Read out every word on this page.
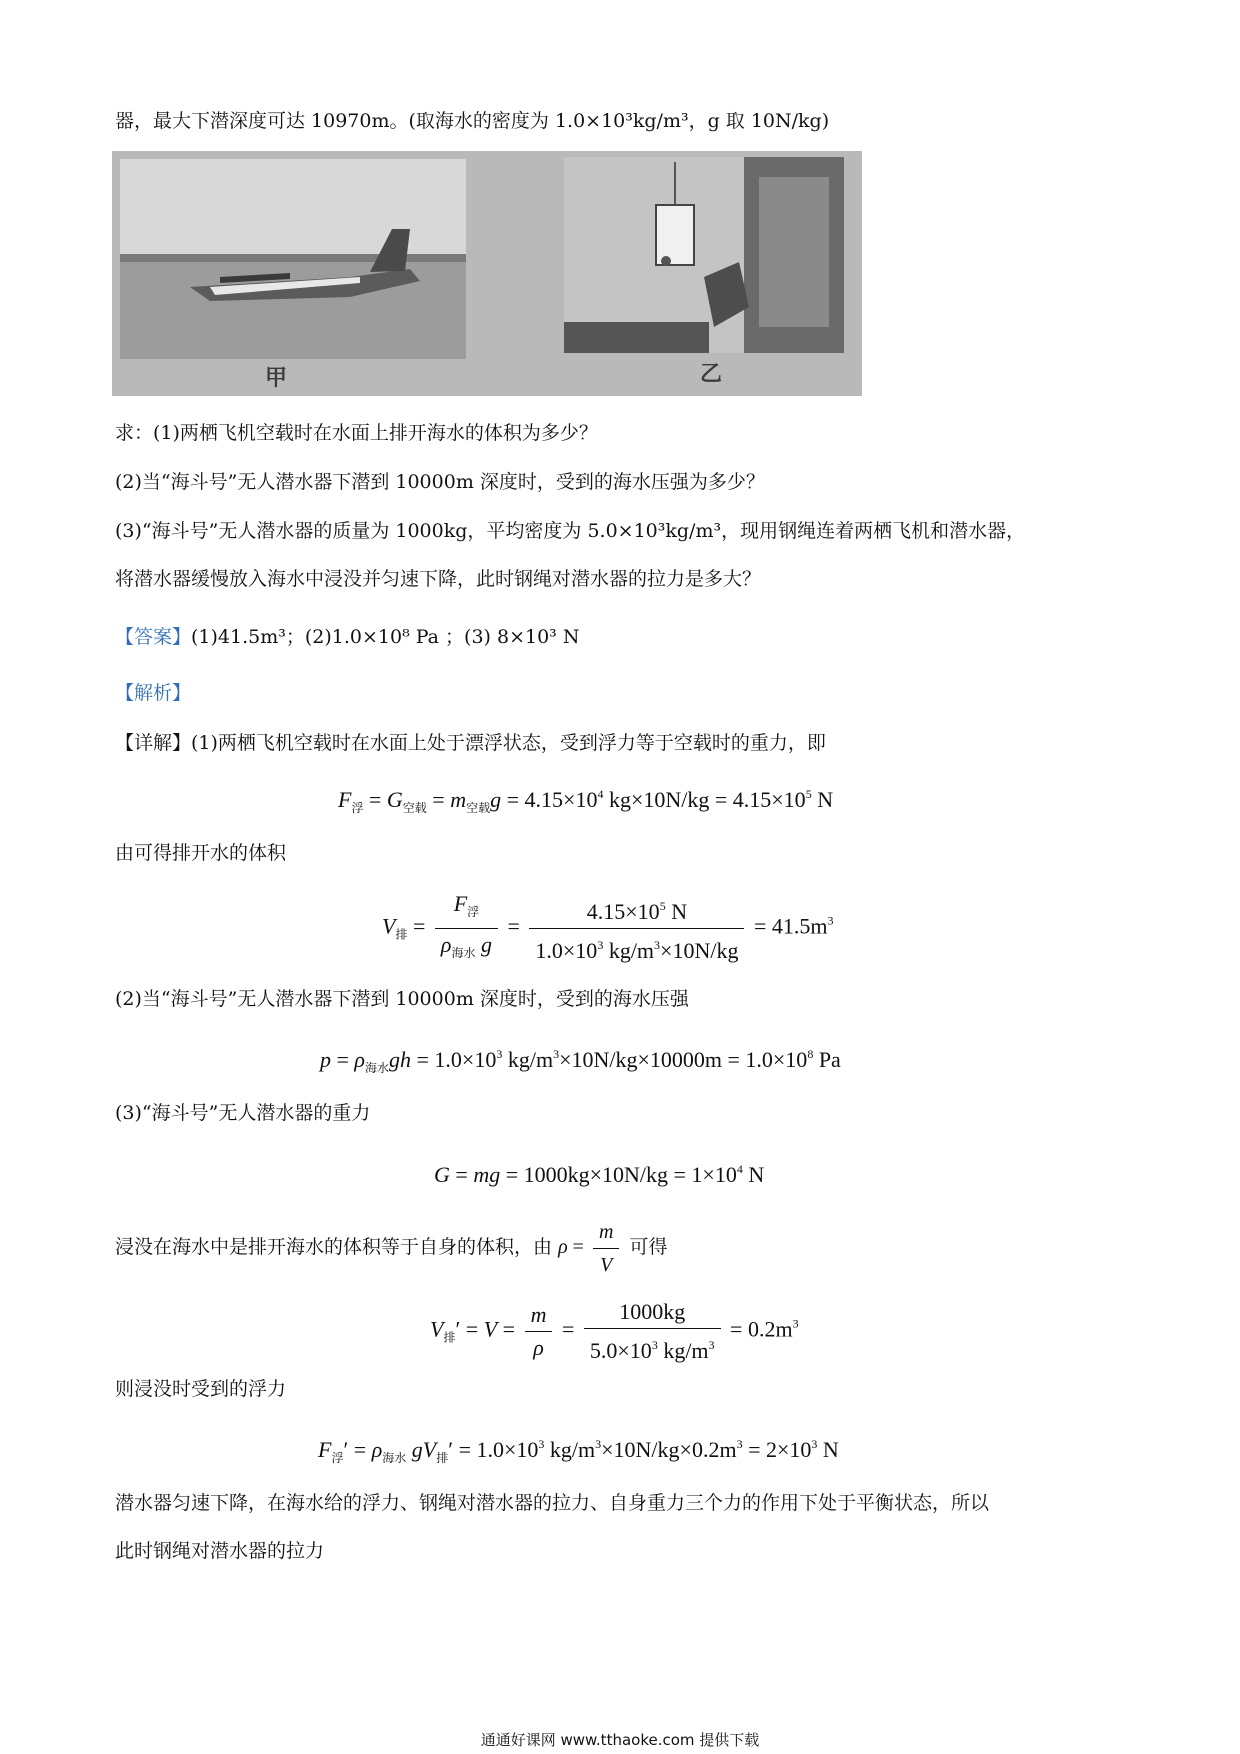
器，最大下潜深度可达 10970m。(取海水的密度为 1.0×10³kg/m³，g 取 10N/kg)
甲	乙
求：(1)两栖飞机空载时在水面上排开海水的体积为多少？
(2)当“海斗号”无人潜水器下潜到 10000m 深度时，受到的海水压强为多少？
(3)“海斗号”无人潜水器的质量为 1000kg，平均密度为 5.0×10³kg/m³，现用钢绳连着两栖飞机和潜水器，
将潜水器缓慢放入海水中浸没并匀速下降，此时钢绳对潜水器的拉力是多大？
【答案】(1)41.5m³；(2)1.0×10⁸ Pa ；(3) 8×10³ N
【解析】
【详解】(1)两栖飞机空载时在水面上处于漂浮状态，受到浮力等于空载时的重力，即
$F_浮 = G_{空载} = m_{空载}g = 4.15\times 10^4$ $kg\times 10N/kg = 4.15\times 10^5$ N
由可得排开水的体积
$V_排 = \frac{F_浮}{\rho_{海水} g} = \frac{4.15\times 10^5 N}{1.0\times 10^3 kg/m^3\times 10N/kg} = 41.5m^3$
(2)当“海斗号”无人潜水器下潜到 10000m 深度时，受到的海水压强
$p = \rho_{海水}gh = 1.0\times 10^3$ $kg/m^3\times 10N/kg\times 10000m = 1.0\times 10^8$ Pa
(3)“海斗号”无人潜水器的重力
G = mg = $1000kg\times 10N/kg = 1\times 10^4$ N
浸没在海水中是排开海水的体积等于自身的体积，由 $\rho = \frac{m}{V}$ 可得
$V_排' = V = \frac{m}{\rho} = \frac{1000kg}{5.0\times 10^3 kg/m^3} = 0.2m^3$
则浸没时受到的浮力
$F_浮' = \rho_{海水}$ $gV_排' = 1.0\times 10^3$ $kg/m^3\times 10N/kg\times 0.2m^3 = 2\times 10^3$ N
潜水器匀速下降，在海水给的浮力、钢绳对潜水器的拉力、自身重力三个力的作用下处于平衡状态，所以
此时钢绳对潜水器的拉力
通通好课网 www.tthaoke.com 提供下载
